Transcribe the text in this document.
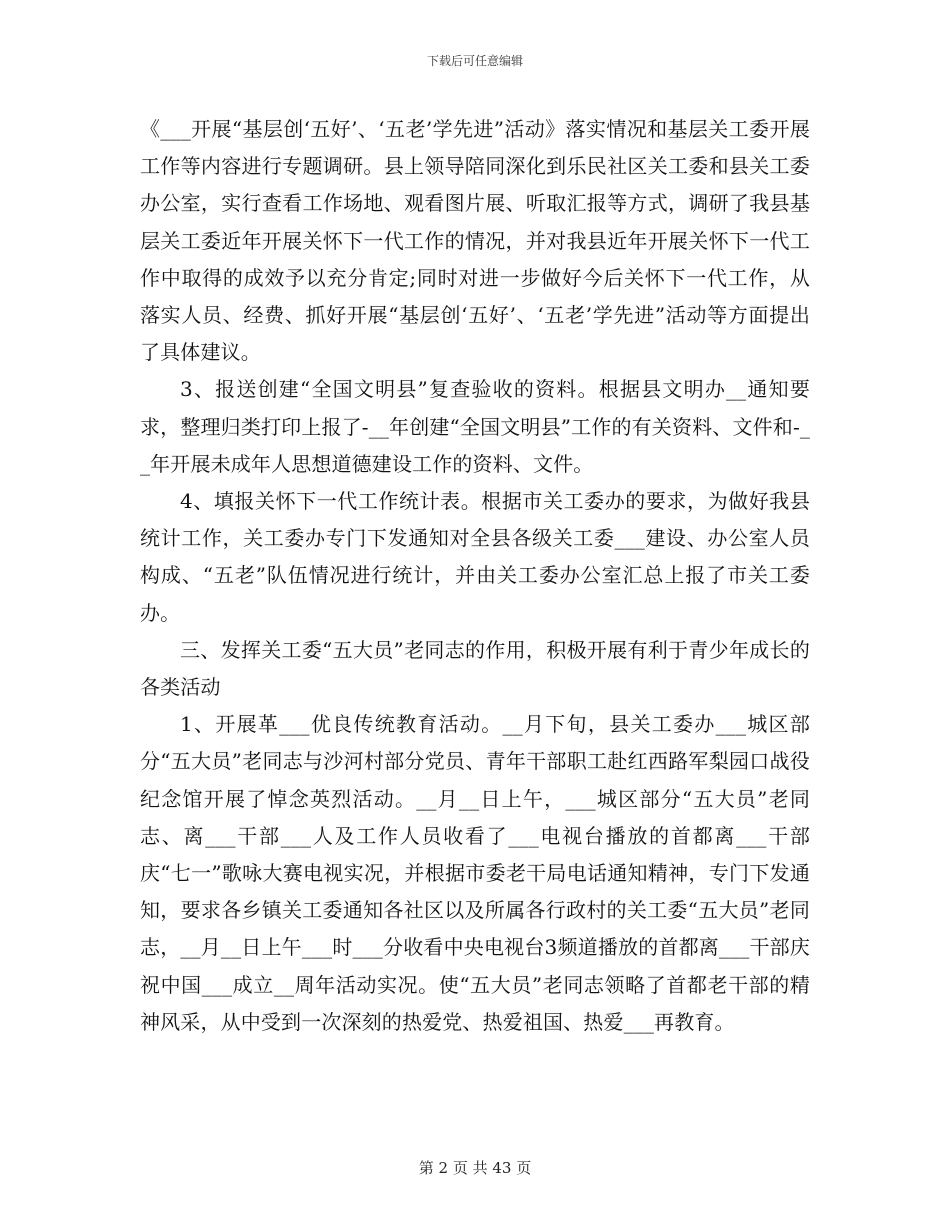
下载后可任意编辑

《___开展“基层创‘五好’、‘五老’学先进”活动》落实情况和基层关工委开展工作等内容进行专题调研。县上领导陪同深化到乐民社区关工委和县关工委办公室，实行查看工作场地、观看图片展、听取汇报等方式，调研了我县基层关工委近年开展关怀下一代工作的情况，并对我县近年开展关怀下一代工作中取得的成效予以充分肯定;同时对进一步做好今后关怀下一代工作，从落实人员、经费、抓好开展“基层创‘五好’、‘五老’学先进”活动等方面提出了具体建议。

3、报送创建“全国文明县”复查验收的资料。根据县文明办__通知要求，整理归类打印上报了-__年创建“全国文明县”工作的有关资料、文件和-__年开展未成年人思想道德建设工作的资料、文件。

4、填报关怀下一代工作统计表。根据市关工委办的要求，为做好我县统计工作，关工委办专门下发通知对全县各级关工委___建设、办公室人员构成、“五老”队伍情况进行统计，并由关工委办公室汇总上报了市关工委办。

三、发挥关工委“五大员”老同志的作用，积极开展有利于青少年成长的各类活动

1、开展革___优良传统教育活动。__月下旬，县关工委办___城区部分“五大员”老同志与沙河村部分党员、青年干部职工赴红西路军梨园口战役纪念馆开展了悼念英烈活动。__月__日上午，___城区部分“五大员”老同志、离___干部___人及工作人员收看了___电视台播放的首都离___干部庆“七一”歌咏大赛电视实况，并根据市委老干局电话通知精神，专门下发通知，要求各乡镇关工委通知各社区以及所属各行政村的关工委“五大员”老同志，__月__日上午___时___分收看中央电视台3频道播放的首都离___干部庆祝中国___成立__周年活动实况。使“五大员”老同志领略了首都老干部的精神风采，从中受到一次深刻的热爱党、热爱祖国、热爱___再教育。

第 2 页 共 43 页
